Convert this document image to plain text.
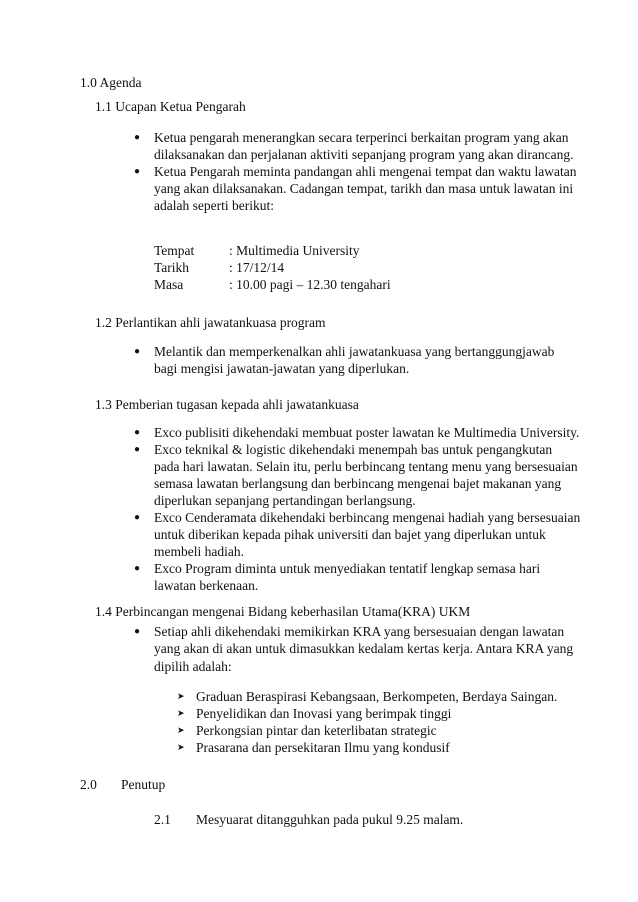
1.0 Agenda
1.1 Ucapan Ketua Pengarah
● Ketua pengarah menerangkan secara terperinci berkaitan program yang akan
dilaksanakan dan perjalanan aktiviti sepanjang program yang akan dirancang.
● Ketua Pengarah meminta pandangan ahli mengenai tempat dan waktu lawatan
yang akan dilaksanakan. Cadangan tempat, tarikh dan masa untuk lawatan ini
adalah seperti berikut:
Tempat	: Multimedia University
Tarikh	: 17/12/14
Masa	: 10.00 pagi – 12.30 tengahari
1.2 Perlantikan ahli jawatankuasa program
● Melantik dan memperkenalkan ahli jawatankuasa yang bertanggungjawab
bagi mengisi jawatan-jawatan yang diperlukan.
1.3 Pemberian tugasan kepada ahli jawatankuasa
● Exco publisiti dikehendaki membuat poster lawatan ke Multimedia University.
● Exco teknikal & logistic dikehendaki menempah bas untuk pengangkutan
pada hari lawatan. Selain itu, perlu berbincang tentang menu yang bersesuaian
semasa lawatan berlangsung dan berbincang mengenai bajet makanan yang
diperlukan sepanjang pertandingan berlangsung.
● Exco Cenderamata dikehendaki berbincang mengenai hadiah yang bersesuaian
untuk diberikan kepada pihak universiti dan bajet yang diperlukan untuk
membeli hadiah.
● Exco Program diminta untuk menyediakan tentatif lengkap semasa hari
lawatan berkenaan.
1.4 Perbincangan mengenai Bidang keberhasilan Utama(KRA) UKM
● Setiap ahli dikehendaki memikirkan KRA yang bersesuaian dengan lawatan
yang akan di akan untuk dimasukkan kedalam kertas kerja. Antara KRA yang
dipilih adalah:
➤ Graduan Beraspirasi Kebangsaan, Berkompeten, Berdaya Saingan.
➤ Penyelidikan dan Inovasi yang berimpak tinggi
➤ Perkongsian pintar dan keterlibatan strategic
➤ Prasarana dan persekitaran Ilmu yang kondusif
2.0 Penutup
2.1 Mesyuarat ditangguhkan pada pukul 9.25 malam.
